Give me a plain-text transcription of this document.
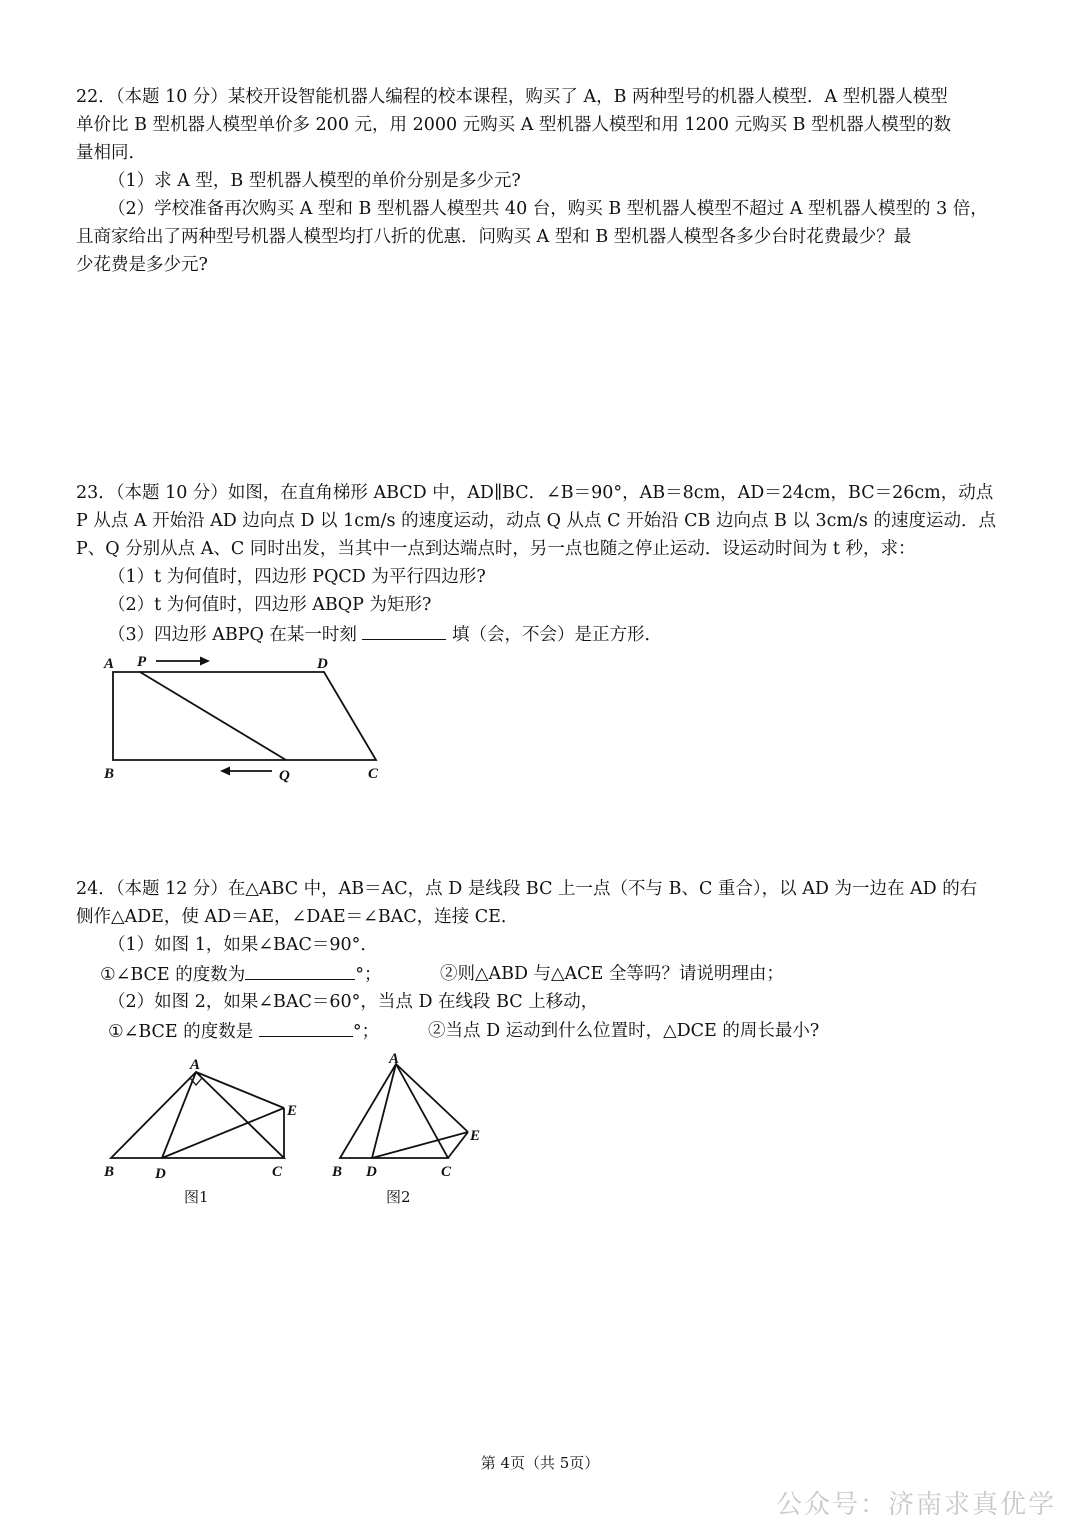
22．（本题 10 分）某校开设智能机器人编程的校本课程，购买了 A，B 两种型号的机器人模型．A 型机器人模型
单价比 B 型机器人模型单价多 200 元，用 2000 元购买 A 型机器人模型和用 1200 元购买 B 型机器人模型的数
量相同．
（1）求 A 型，B 型机器人模型的单价分别是多少元?
（2）学校准备再次购买 A 型和 B 型机器人模型共 40 台，购买 B 型机器人模型不超过 A 型机器人模型的 3 倍，
且商家给出了两种型号机器人模型均打八折的优惠．问购买 A 型和 B 型机器人模型各多少台时花费最少？最
少花费是多少元?
23．（本题 10 分）如图，在直角梯形 ABCD 中，AD∥BC．∠B＝90°，AB＝8cm，AD＝24cm，BC＝26cm，动点
P 从点 A 开始沿 AD 边向点 D 以 1cm/s 的速度运动，动点 Q 从点 C 开始沿 CB 边向点 B 以 3cm/s 的速度运动．点
P、Q 分别从点 A、C 同时出发，当其中一点到达端点时，另一点也随之停止运动．设运动时间为 t 秒，求：
（1）t 为何值时，四边形 PQCD 为平行四边形?
（2）t 为何值时，四边形 ABQP 为矩形?
（3）四边形 ABPQ 在某一时刻	填（会，不会）是正方形．
A P	D
B	Q	C
24．（本题 12 分）在△ABC 中，AB＝AC，点 D 是线段 BC 上一点（不与 B、C 重合），以 AD 为一边在 AD 的右
侧作△ADE，使 AD＝AE，∠DAE＝∠BAC，连接 CE．
（1）如图 1，如果∠BAC＝90°．
①∠BCE 的度数为	°；	②则△ABD 与△ACE 全等吗？请说明理由；
（2）如图 2，如果∠BAC＝60°，当点 D 在线段 BC 上移动，
①∠BCE 的度数是	°；	②当点 D 运动到什么位置时，△DCE 的周长最小?
A
E
B	D	C
图1
A
E
B D	C
图2
第 4页（共 5页）
公众号：济南求真优学
